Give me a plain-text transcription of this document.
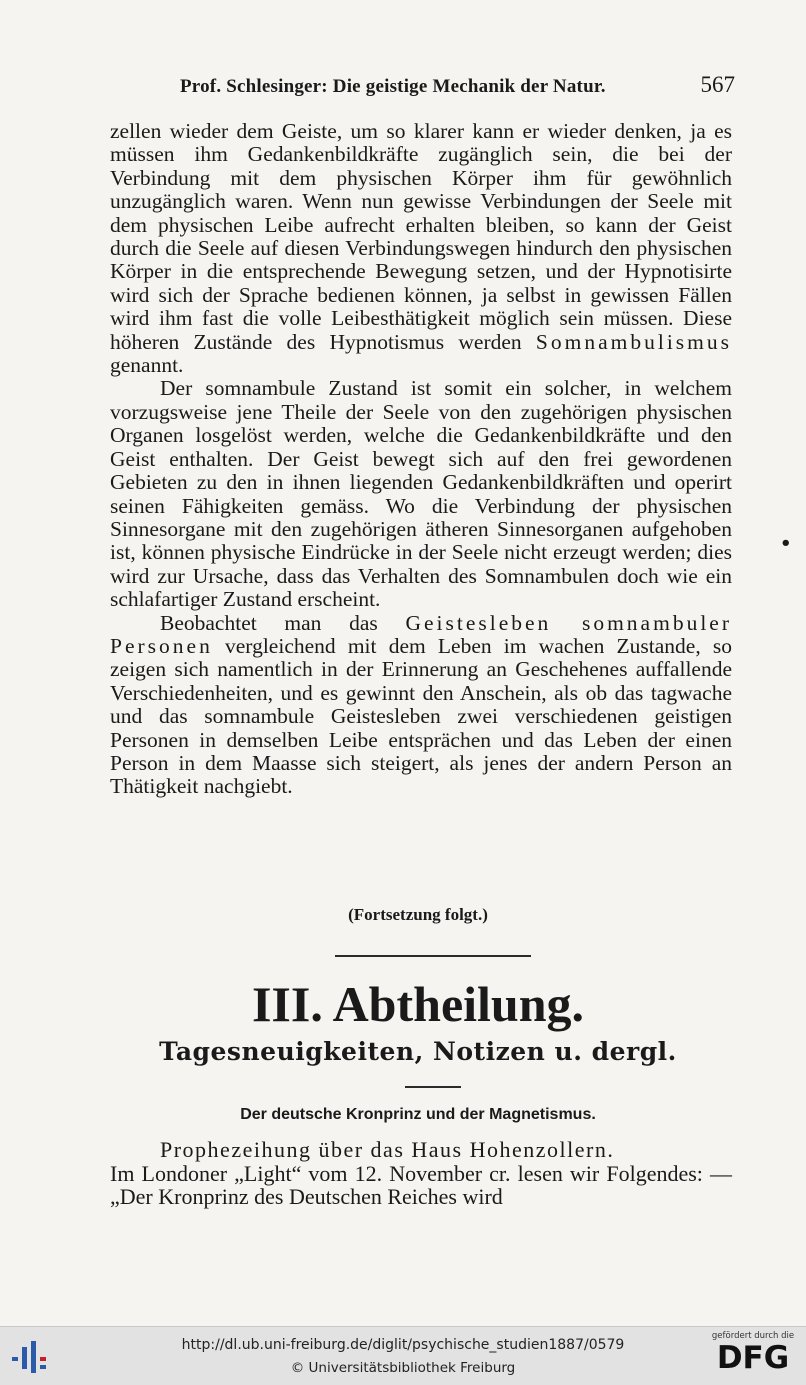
Prof. Schlesinger: Die geistige Mechanik der Natur.	567

zellen wieder dem Geiste, um so klarer kann er wieder denken, ja es müssen ihm Gedankenbildkräfte zugänglich sein, die bei der Verbindung mit dem physischen Körper ihm für gewöhnlich unzugänglich waren. Wenn nun gewisse Verbindungen der Seele mit dem physischen Leibe aufrecht erhalten bleiben, so kann der Geist durch die Seele auf diesen Verbindungswegen hindurch den physischen Körper in die entsprechende Bewegung setzen, und der Hypnotisirte wird sich der Sprache bedienen können, ja selbst in gewissen Fällen wird ihm fast die volle Leibesthätigkeit möglich sein müssen. Diese höheren Zustände des Hypnotismus werden Somnambulismus genannt.

Der somnambule Zustand ist somit ein solcher, in welchem vorzugsweise jene Theile der Seele von den zugehörigen physischen Organen losgelöst werden, welche die Gedankenbildkräfte und den Geist enthalten. Der Geist bewegt sich auf den frei gewordenen Gebieten zu den in ihnen liegenden Gedankenbildkräften und operirt seinen Fähigkeiten gemäss. Wo die Verbindung der physischen Sinnesorgane mit den zugehörigen ätheren Sinnesorganen aufgehoben ist, können physische Eindrücke in der Seele nicht erzeugt werden; dies wird zur Ursache, dass das Verhalten des Somnambulen doch wie ein schlafartiger Zustand erscheint.

Beobachtet man das Geistesleben somnambuler Personen vergleichend mit dem Leben im wachen Zustande, so zeigen sich namentlich in der Erinnerung an Geschehenes auffallende Verschiedenheiten, und es gewinnt den Anschein, als ob das tagwache und das somnambule Geistesleben zwei verschiedenen geistigen Personen in demselben Leibe entsprächen und das Leben der einen Person in dem Maasse sich steigert, als jenes der andern Person an Thätigkeit nachgiebt.

•
(Fortsetzung folgt.)
III. Abtheilung.
Tagesneuigkeiten, Notizen u. dergl.
Der deutsche Kronprinz und der Magnetismus.

Prophezeihung über das Haus Hohenzollern.

Im Londoner „Light“ vom 12. November cr. lesen wir Folgendes: — „Der Kronprinz des Deutschen Reiches wird

http://dl.ub.uni-freiburg.de/diglit/psychische_studien1887/0579
© Universitätsbibliothek Freiburg
gefördert durch die
DFG
